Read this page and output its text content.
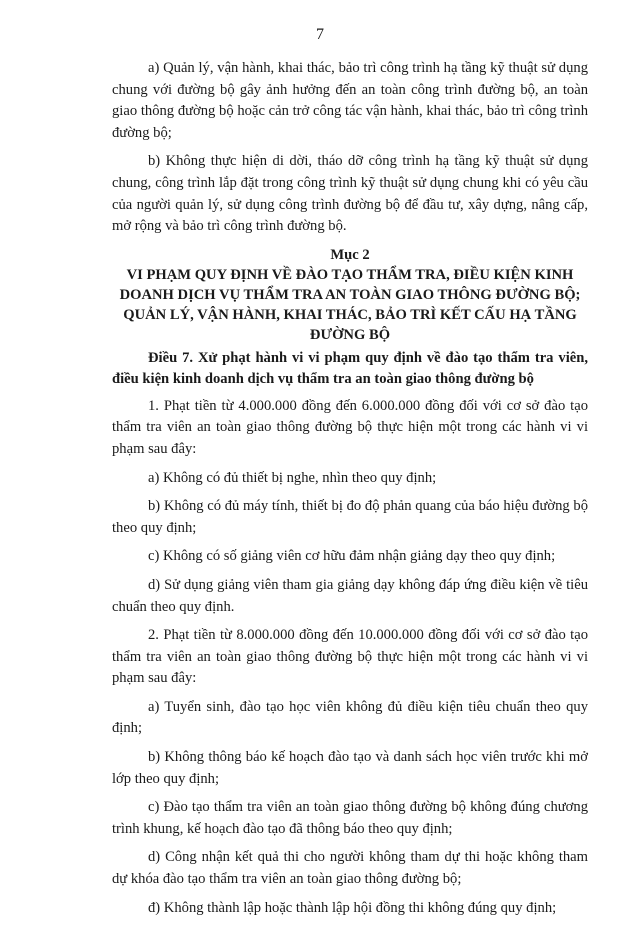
7

a) Quản lý, vận hành, khai thác, bảo trì công trình hạ tầng kỹ thuật sử dụng chung với đường bộ gây ảnh hưởng đến an toàn công trình đường bộ, an toàn giao thông đường bộ hoặc cản trở công tác vận hành, khai thác, bảo trì công trình đường bộ;

b) Không thực hiện di dời, tháo dỡ công trình hạ tầng kỹ thuật sử dụng chung, công trình lắp đặt trong công trình kỹ thuật sử dụng chung khi có yêu cầu của người quản lý, sử dụng công trình đường bộ để đầu tư, xây dựng, nâng cấp, mở rộng và bảo trì công trình đường bộ.

Mục 2
VI PHẠM QUY ĐỊNH VỀ ĐÀO TẠO THẨM TRA, ĐIỀU KIỆN KINH DOANH DỊCH VỤ THẨM TRA AN TOÀN GIAO THÔNG ĐƯỜNG BỘ; QUẢN LÝ, VẬN HÀNH, KHAI THÁC, BẢO TRÌ KẾT CẤU HẠ TẦNG ĐƯỜNG BỘ

Điều 7. Xử phạt hành vi vi phạm quy định về đào tạo thẩm tra viên, điều kiện kinh doanh dịch vụ thẩm tra an toàn giao thông đường bộ

1. Phạt tiền từ 4.000.000 đồng đến 6.000.000 đồng đối với cơ sở đào tạo thẩm tra viên an toàn giao thông đường bộ thực hiện một trong các hành vi vi phạm sau đây:

a) Không có đủ thiết bị nghe, nhìn theo quy định;

b) Không có đủ máy tính, thiết bị đo độ phản quang của báo hiệu đường bộ theo quy định;

c) Không có số giảng viên cơ hữu đảm nhận giảng dạy theo quy định;

d) Sử dụng giảng viên tham gia giảng dạy không đáp ứng điều kiện về tiêu chuẩn theo quy định.

2. Phạt tiền từ 8.000.000 đồng đến 10.000.000 đồng đối với cơ sở đào tạo thẩm tra viên an toàn giao thông đường bộ thực hiện một trong các hành vi vi phạm sau đây:

a) Tuyển sinh, đào tạo học viên không đủ điều kiện tiêu chuẩn theo quy định;

b) Không thông báo kế hoạch đào tạo và danh sách học viên trước khi mở lớp theo quy định;

c) Đào tạo thẩm tra viên an toàn giao thông đường bộ không đúng chương trình khung, kế hoạch đào tạo đã thông báo theo quy định;

d) Công nhận kết quả thi cho người không tham dự thi hoặc không tham dự khóa đào tạo thẩm tra viên an toàn giao thông đường bộ;

đ) Không thành lập hoặc thành lập hội đồng thi không đúng quy định;
